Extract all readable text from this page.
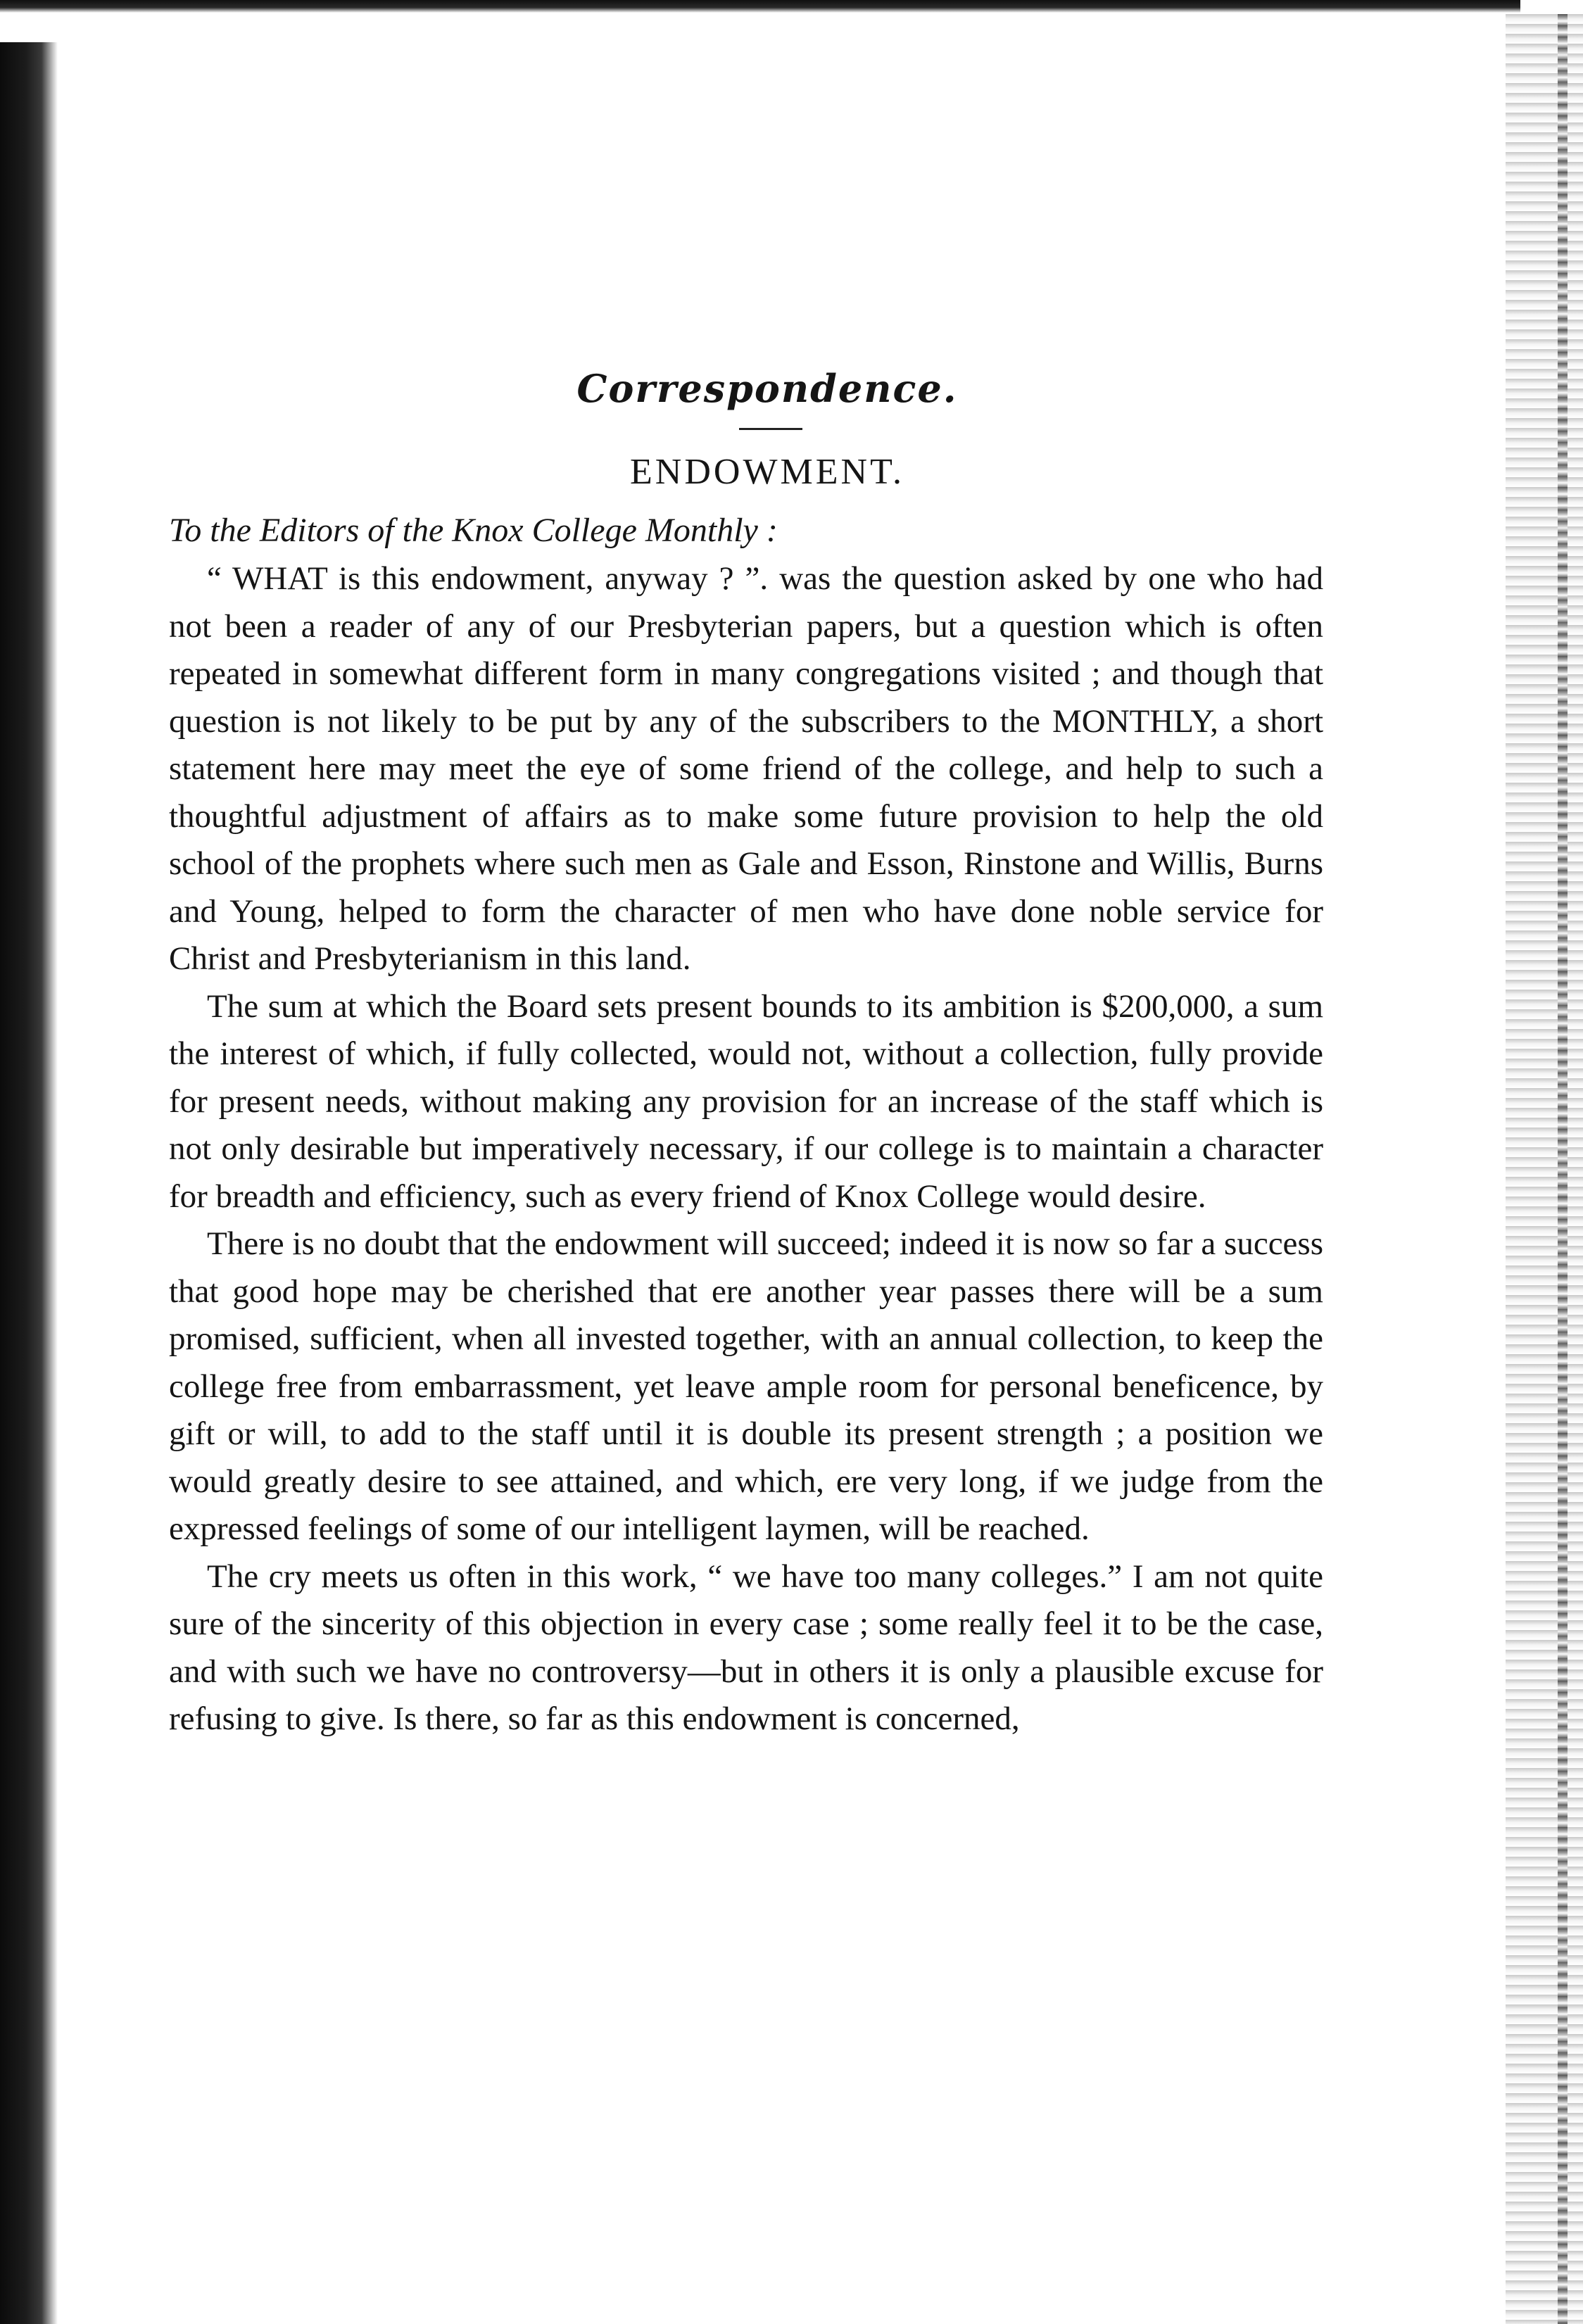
Correspondence.
ENDOWMENT.
To the Editors of the Knox College Monthly :

“ WHAT is this endowment, anyway ? ”. was the question asked by one who had not been a reader of any of our Presbyterian papers, but a question which is often repeated in somewhat different form in many congregations visited ; and though that question is not likely to be put by any of the subscribers to the MONTHLY, a short statement here may meet the eye of some friend of the college, and help to such a thoughtful adjustment of affairs as to make some future provision to help the old school of the prophets where such men as Gale and Esson, Rinstone and Willis, Burns and Young, helped to form the character of men who have done noble service for Christ and Presbyterianism in this land.

The sum at which the Board sets present bounds to its ambition is $200,000, a sum the interest of which, if fully collected, would not, without a collection, fully provide for present needs, without making any provision for an increase of the staff which is not only desirable but imperatively necessary, if our college is to maintain a character for breadth and efficiency, such as every friend of Knox College would desire.

There is no doubt that the endowment will succeed; indeed it is now so far a success that good hope may be cherished that ere another year passes there will be a sum promised, sufficient, when all invested together, with an annual collection, to keep the college free from embarrassment, yet leave ample room for personal beneficence, by gift or will, to add to the staff until it is double its present strength ; a position we would greatly desire to see attained, and which, ere very long, if we judge from the expressed feelings of some of our intelligent laymen, will be reached.

The cry meets us often in this work, “ we have too many colleges.” I am not quite sure of the sincerity of this objection in every case ; some really feel it to be the case, and with such we have no controversy—but in others it is only a plausible excuse for refusing to give. Is there, so far as this endowment is concerned,
